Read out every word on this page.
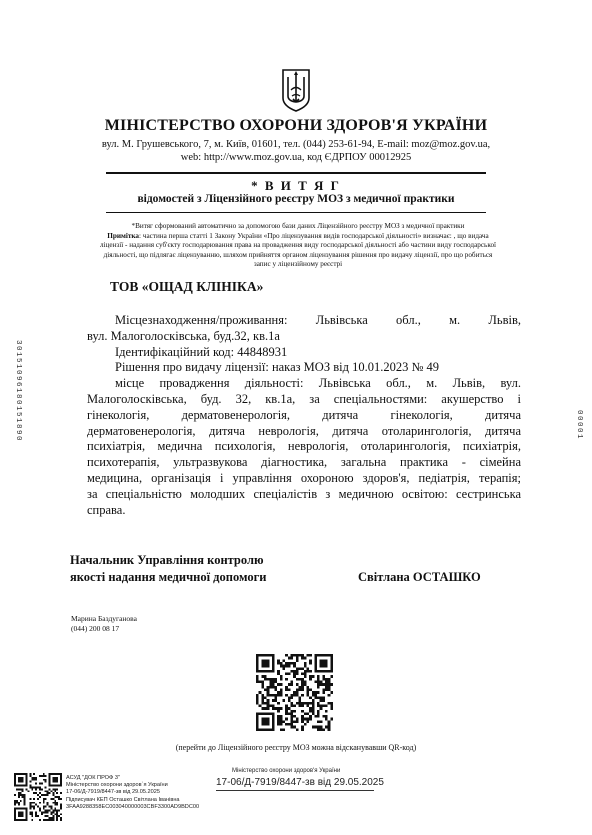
МІНІСТЕРСТВО ОХОРОНИ ЗДОРОВ'Я УКРАЇНИ
вул. М. Грушевського, 7, м. Київ, 01601, тел. (044) 253-61-94, E-mail: moz@moz.gov.ua,
web: http://www.moz.gov.ua, код ЄДРПОУ 00012925
* В И Т Я Г
відомостей з Ліцензійного реєстру МОЗ з медичної практики
*Витяг сформований автоматично за допомогою бази даних Ліцензійного реєстру МОЗ з медичної практики
Примітка: частина перша статті 1 Закону України «Про ліцензування видів господарської діяльності» визначає: , що видача
ліцензії - надання суб'єкту господарювання права на провадження виду господарської діяльності або частини виду господарської
діяльності, що підлягає ліцензуванню, шляхом прийняття органом ліцензування рішення про видачу ліцензії, про що робиться
запис у ліцензійному реєстрі
ТОВ «ОЩАД КЛІНІКА»
Місцезнаходження/проживання: Львівська обл., м. Львів,
вул. Малоголосківська, буд.32, кв.1а
Ідентифікаційний код: 44848931
Рішення про видачу ліцензії: наказ МОЗ від 10.01.2023 № 49
місце провадження діяльності: Львівська обл., м. Львів, вул.
Малоголосківська, буд. 32, кв.1а, за спеціальностями: акушерство і
гінекологія, дерматовенерологія, дитяча гінекологія, дитяча
дерматовенерологія, дитяча неврологія, дитяча отоларингологія, дитяча
психіатрія, медична психологія, неврологія, отоларингологія, психіатрія,
психотерапія, ультразвукова діагностика, загальна практика - сімейна
медицина, організація і управління охороною здоров'я, педіатрія, терапія;
за спеціальністю молодших спеціалістів з медичною освітою: сестринська
справа.
30151096180151890	00001
Начальник Управління контролю
якості надання медичної допомоги	Світлана ОСТАШКО
Марина Баздуганова
(044) 200 08 17
(перейти до Ліцензійного реєстру МОЗ можна відсканувавши QR-код)
АСУД "ДОК ПРОФ 3"
Міністерство охорони здоров`я України
17-06/Д-7919/8447-зв від 29.05.2025
Підписувач КЕП Осташко Світлана Іванівна
3FAA9288358EC003040000003CBF3300AD9BDC00
Міністерство охорони здоров'я України
17-06/Д-7919/8447-зв від 29.05.2025
